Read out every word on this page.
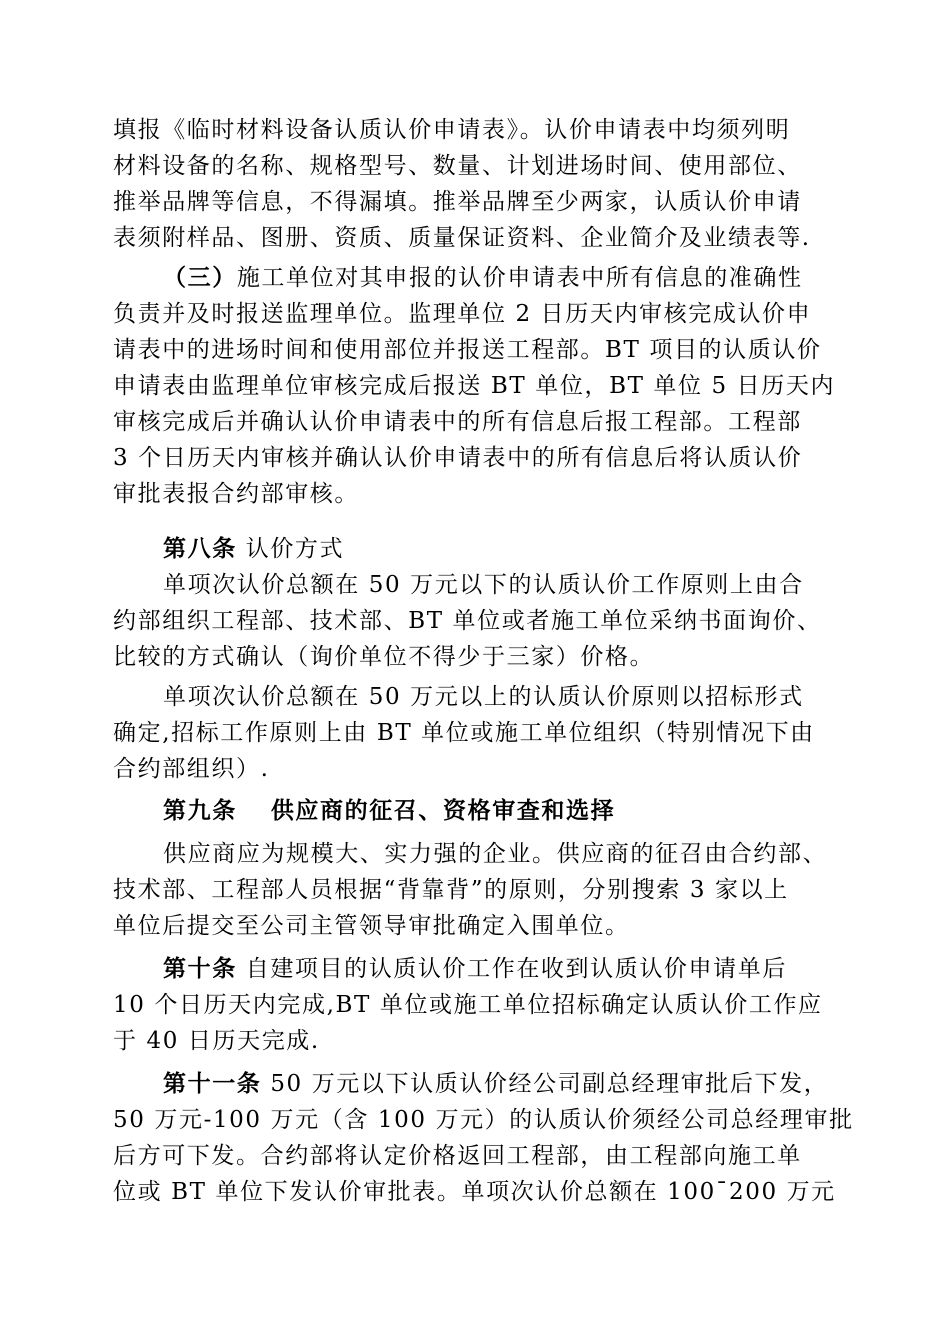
填报《临时材料设备认质认价申请表》。认价申请表中均须列明
材料设备的名称、规格型号、数量、计划进场时间、使用部位、
推举品牌等信息，不得漏填。推举品牌至少两家，认质认价申请
表须附样品、图册、资质、质量保证资料、企业简介及业绩表等.
（三）施工单位对其申报的认价申请表中所有信息的准确性
负责并及时报送监理单位。监理单位 2 日历天内审核完成认价申
请表中的进场时间和使用部位并报送工程部。BT 项目的认质认价
申请表由监理单位审核完成后报送 BT 单位，BT 单位 5 日历天内
审核完成后并确认认价申请表中的所有信息后报工程部。工程部
3 个日历天内审核并确认认价申请表中的所有信息后将认质认价
审批表报合约部审核。
第八条 认价方式
单项次认价总额在 50 万元以下的认质认价工作原则上由合
约部组织工程部、技术部、BT 单位或者施工单位采纳书面询价、
比较的方式确认（询价单位不得少于三家）价格。
单项次认价总额在 50 万元以上的认质认价原则以招标形式
确定,招标工作原则上由 BT 单位或施工单位组织（特别情况下由
合约部组织）.
第九条 供应商的征召、资格审查和选择
供应商应为规模大、实力强的企业。供应商的征召由合约部、
技术部、工程部人员根据“背靠背”的原则，分别搜索 3 家以上
单位后提交至公司主管领导审批确定入围单位。
第十条 自建项目的认质认价工作在收到认质认价申请单后
10 个日历天内完成,BT 单位或施工单位招标确定认质认价工作应
于 40 日历天完成.
第十一条 50 万元以下认质认价经公司副总经理审批后下发，
50 万元-100 万元（含 100 万元）的认质认价须经公司总经理审批
后方可下发。合约部将认定价格返回工程部，由工程部向施工单
位或 BT 单位下发认价审批表。单项次认价总额在 100¯200 万元
